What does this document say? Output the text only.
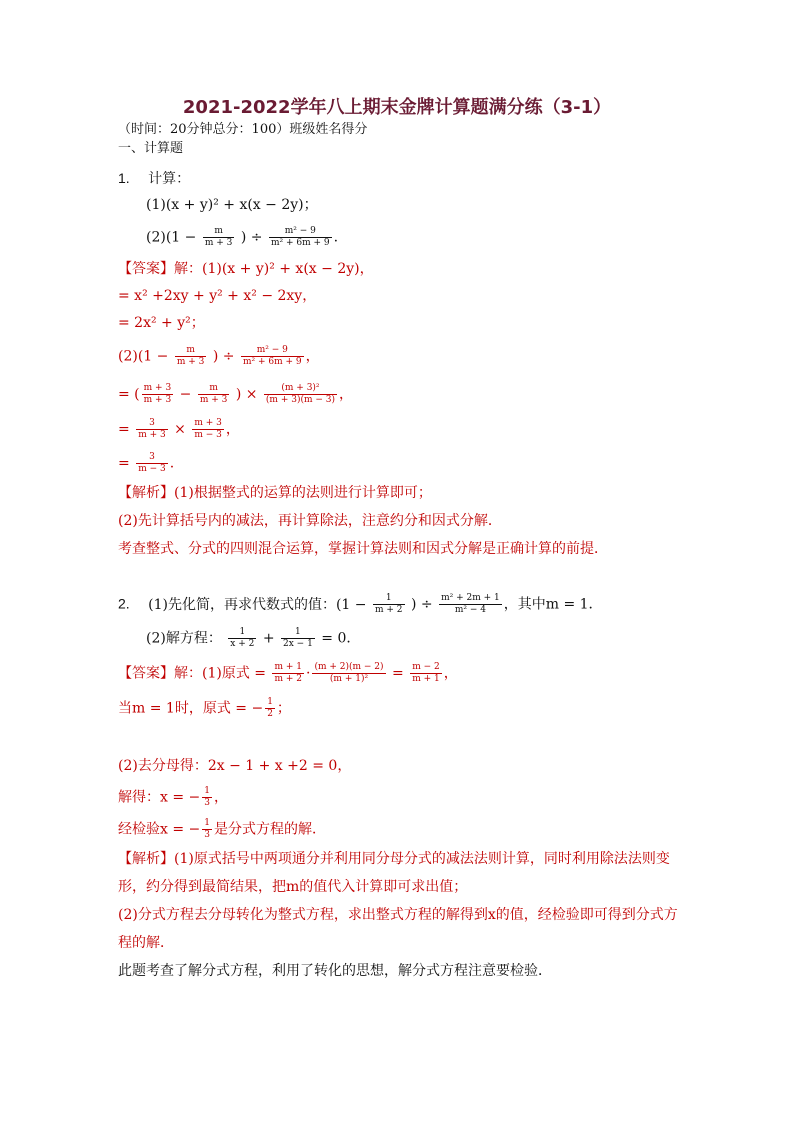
2021-2022学年八上期末金牌计算题满分练（3-1）
（时间：20分钟总分：100）班级姓名得分
一、计算题
1. 计算：
(1)(x + y)² + x(x − 2y)；
$(2)(1 - \frac{m}{m + 3}$ ) ÷ $\frac{\text{m² − 9}}{\text{m² + 6m + 9}}$ .
【答案】解：(1)(x + y)² + x(x − 2y)，
= x² +2xy + y² + x² − 2xy，
= 2x² + y²；
$(2)(1 - \frac{m}{m + 3}$ ) ÷ $\frac{\text{m² − 9}}{\text{m² + 6m + 9}}$ ，
= ( $\frac{m + 3}{m + 3} - \frac{m}{m + 3}$ ) × $\frac{\text{(m + 3)²}}{(m + 3)(m - 3)}$ ，
= $\frac{3}{m + 3} \times \frac{m + 3}{m - 3}$ ，
= $\frac{3}{m - 3}$ .
【解析】(1)根据整式的运算的法则进行计算即可；
(2)先计算括号内的减法，再计算除法，注意约分和因式分解．
考查整式、分式的四则混合运算，掌握计算法则和因式分解是正确计算的前提．
2. (1)先化简，再求代数式的值：($1 - \frac{1}{m + 2}$ ) ÷ $\frac{\text{m² + 2m + 1}}{\text{m² − 4}}$ ，其中m = 1．
(2)解方程： $\frac{1}{x + 2} + \frac{1}{2x - 1} = 0$．
【答案】解：(1)原式 = $\frac{m + 1}{m + 2} \cdot \frac{(m + 2)(m - 2)}{\text{(m + 1)²}} = \frac{m - 2}{m + 1}$ ，
当m = 1时，原式 = − $\frac{1}{2}$ ；
(2)去分母得：2x − 1 + x +2 = 0，
解得：x = − $\frac{1}{3}$ ，
经检验x = − $\frac{1}{3}$ 是分式方程的解．
【解析】(1)原式括号中两项通分并利用同分母分式的减法法则计算，同时利用除法法则变
形，约分得到最简结果，把m的值代入计算即可求出值；
(2)分式方程去分母转化为整式方程，求出整式方程的解得到x的值，经检验即可得到分式方
程的解．
此题考查了解分式方程，利用了转化的思想，解分式方程注意要检验．
